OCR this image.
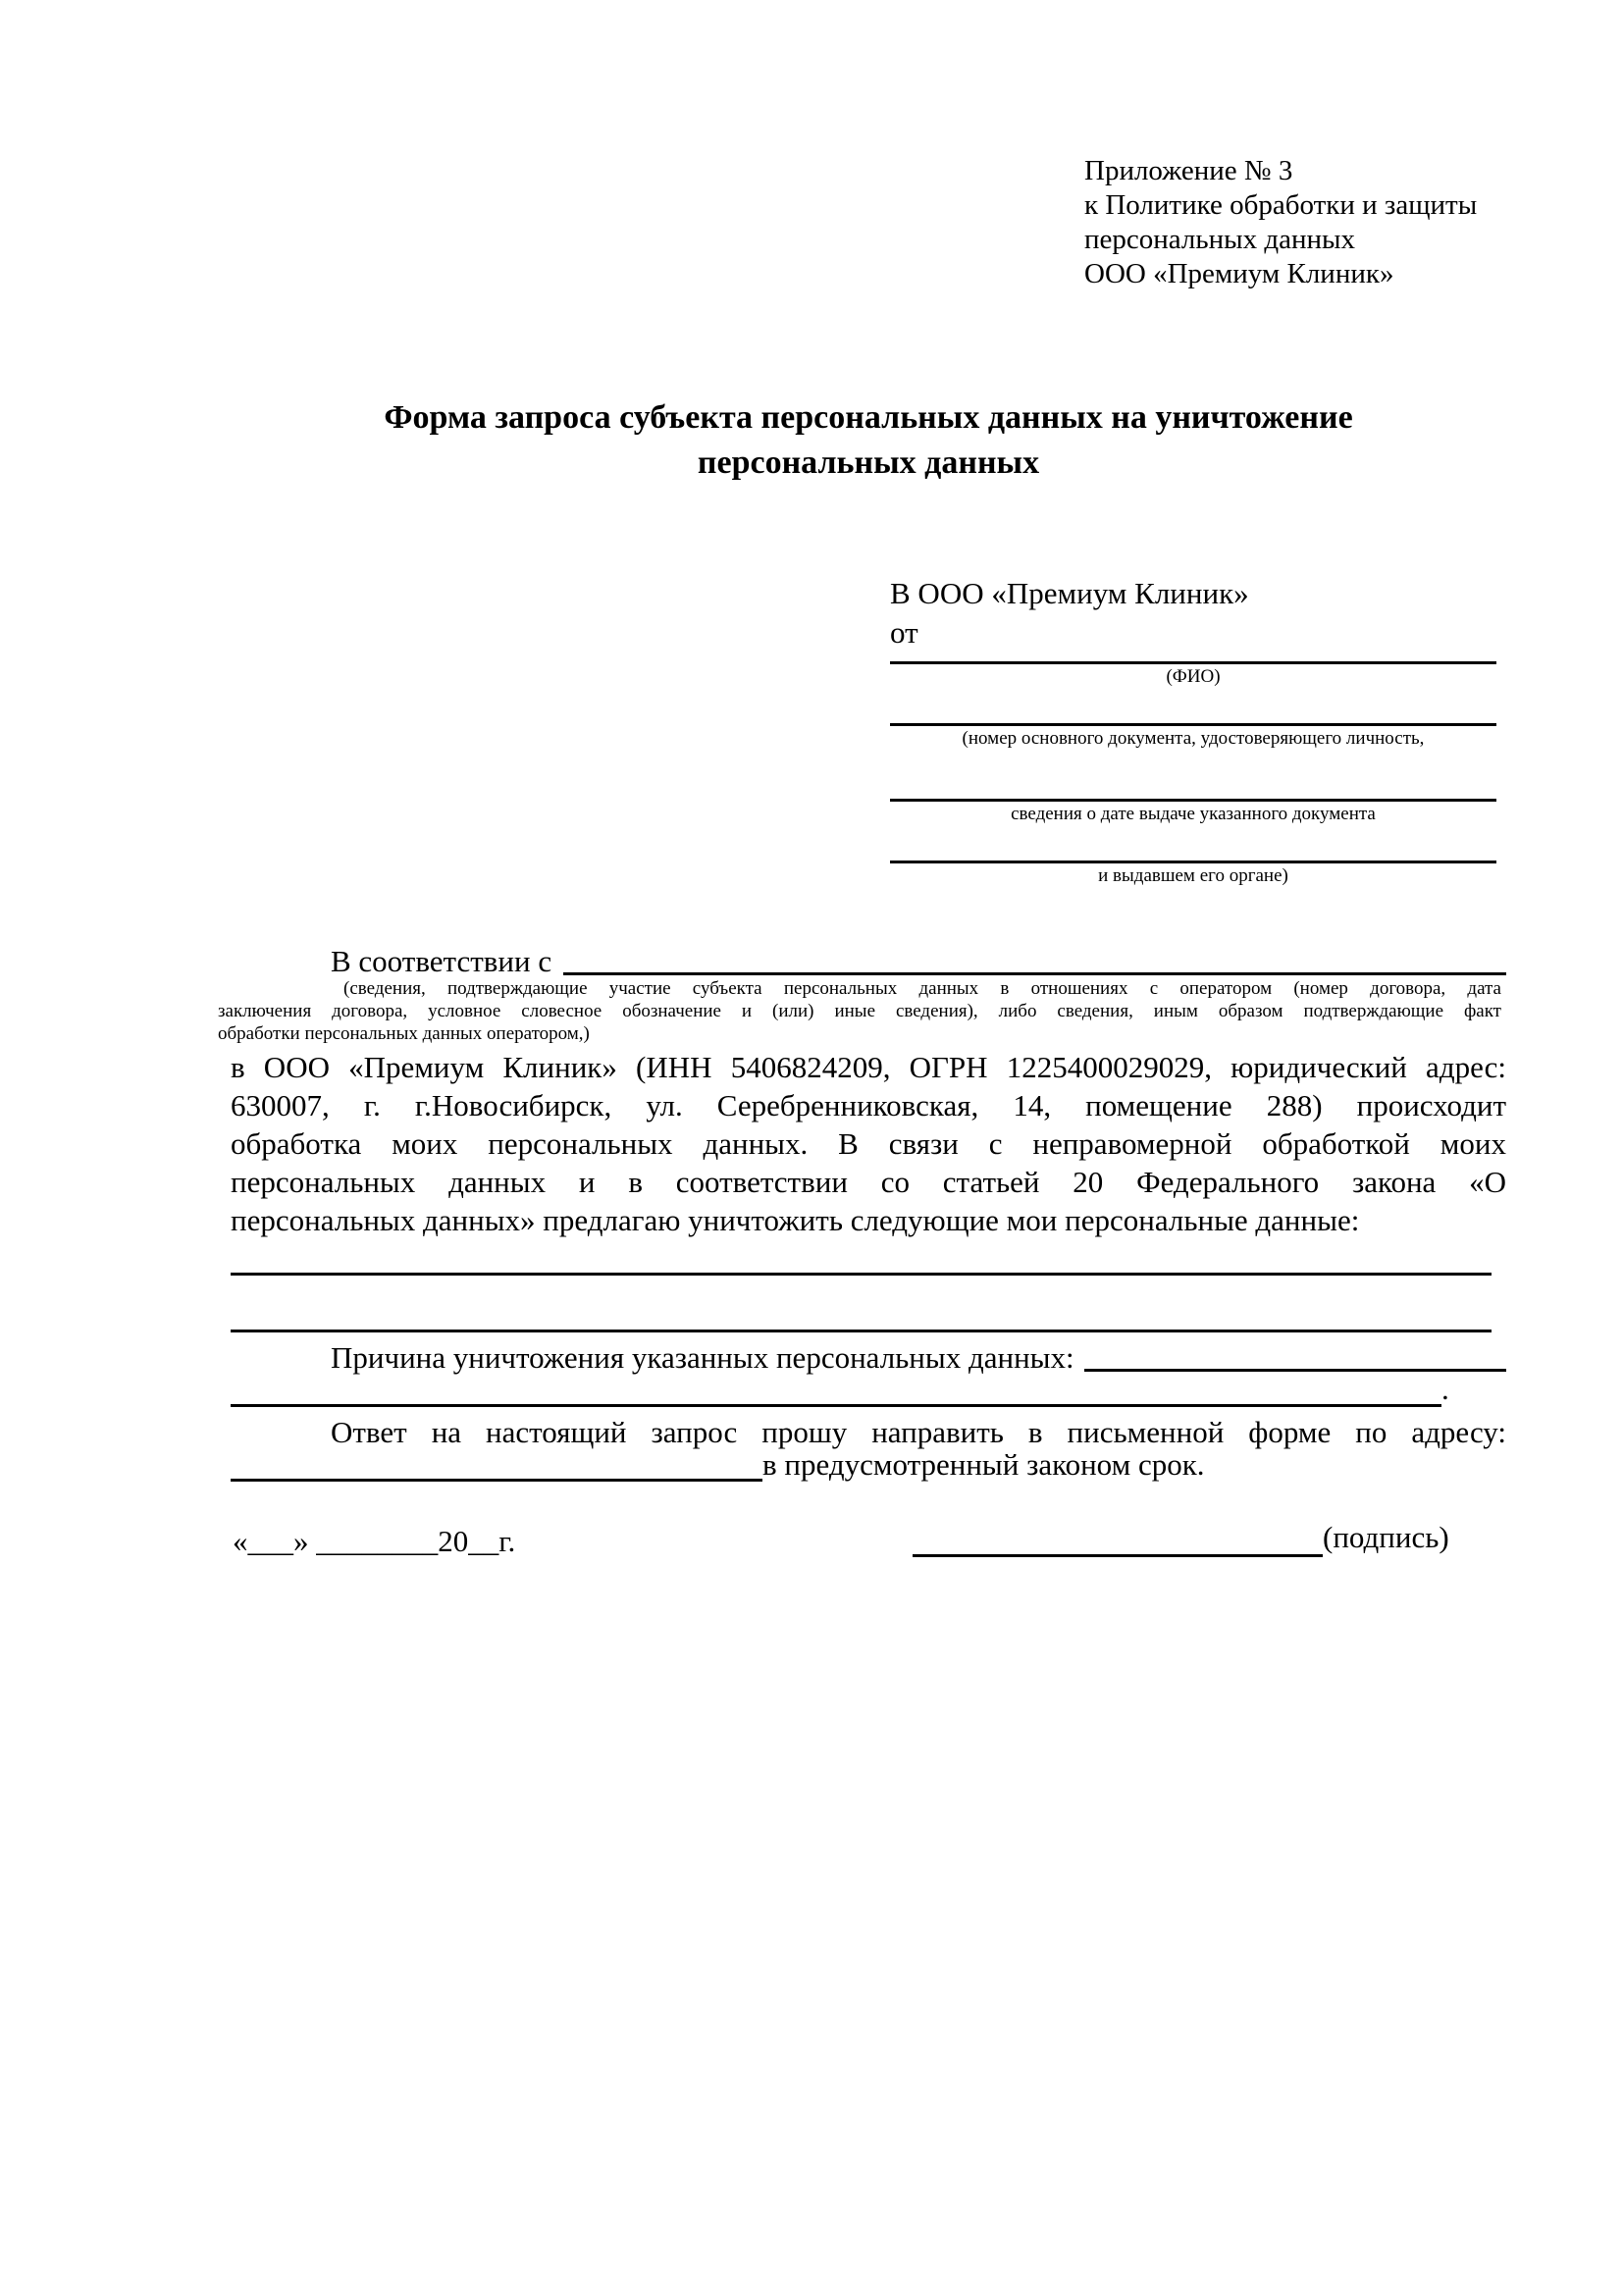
Приложение № 3
к Политике обработки и защиты
персональных данных
ООО «Премиум Клиник»
Форма запроса субъекта персональных данных на уничтожение персональных данных
В ООО «Премиум Клиник»
от
(ФИО)
(номер основного документа, удостоверяющего личность,
сведения о дате выдаче указанного документа
и выдавшем его органе)
В соответствии с
(сведения, подтверждающие участие субъекта персональных данных в отношениях с оператором (номер договора, дата
заключения договора, условное словесное обозначение и (или) иные сведения), либо сведения, иным образом подтверждающие факт
обработки персональных данных оператором,)
в ООО «Премиум Клиник» (ИНН 5406824209, ОГРН 1225400029029, юридический адрес:
630007, г. г.Новосибирск, ул. Серебренниковская, 14, помещение 288) происходит
обработка моих персональных данных. В связи с неправомерной обработкой моих
персональных данных и в соответствии со статьей 20 Федерального закона «О
персональных данных» предлагаю уничтожить следующие мои персональные данные:
Причина уничтожения указанных персональных данных:
.
Ответ на настоящий запрос прошу направить в письменной форме по адресу:
в предусмотренный законом срок.
«___» ________20__г.	(подпись)
